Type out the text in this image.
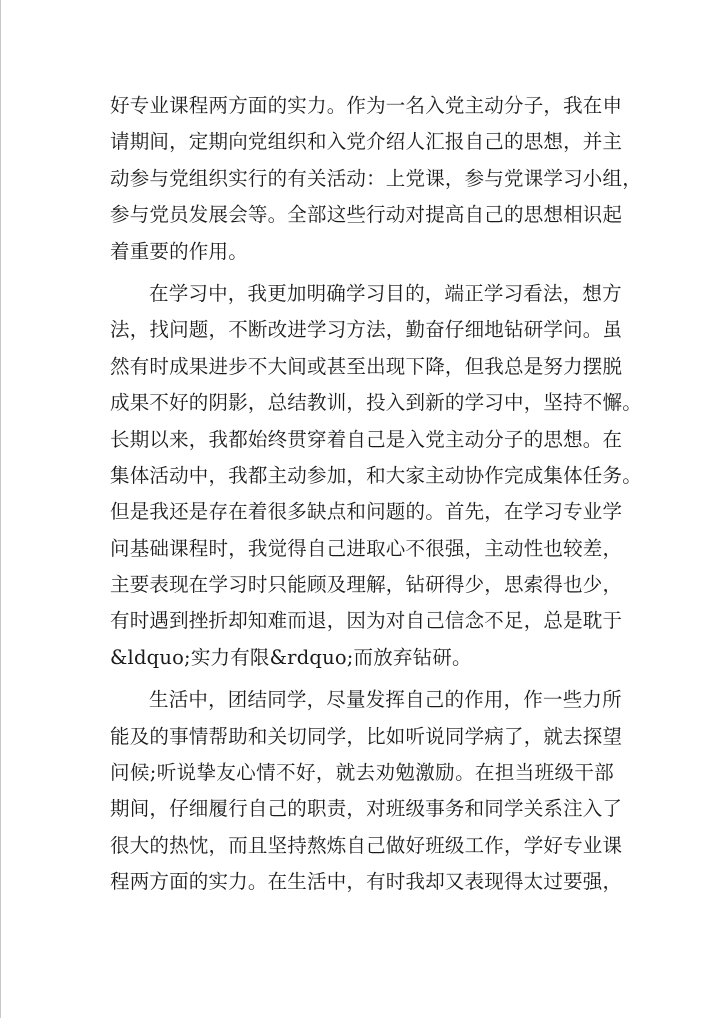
好专业课程两方面的实力。作为一名入党主动分子，我在申
请期间，定期向党组织和入党介绍人汇报自己的思想，并主
动参与党组织实行的有关活动：上党课，参与党课学习小组，
参与党员发展会等。全部这些行动对提高自己的思想相识起
着重要的作用。
在学习中，我更加明确学习目的，端正学习看法，想方
法，找问题，不断改进学习方法，勤奋仔细地钻研学问。虽
然有时成果进步不大间或甚至出现下降，但我总是努力摆脱
成果不好的阴影，总结教训，投入到新的学习中，坚持不懈。
长期以来，我都始终贯穿着自己是入党主动分子的思想。在
集体活动中，我都主动参加，和大家主动协作完成集体任务。
但是我还是存在着很多缺点和问题的。首先，在学习专业学
问基础课程时，我觉得自己进取心不很强，主动性也较差，
主要表现在学习时只能顾及理解，钻研得少，思索得也少，
有时遇到挫折却知难而退，因为对自己信念不足，总是耽于
&ldquo;实力有限&rdquo;而放弃钻研。
生活中，团结同学，尽量发挥自己的作用，作一些力所
能及的事情帮助和关切同学，比如听说同学病了，就去探望
问候;听说挚友心情不好，就去劝勉激励。在担当班级干部
期间，仔细履行自己的职责，对班级事务和同学关系注入了
很大的热忱，而且坚持熬炼自己做好班级工作，学好专业课
程两方面的实力。在生活中，有时我却又表现得太过要强，
